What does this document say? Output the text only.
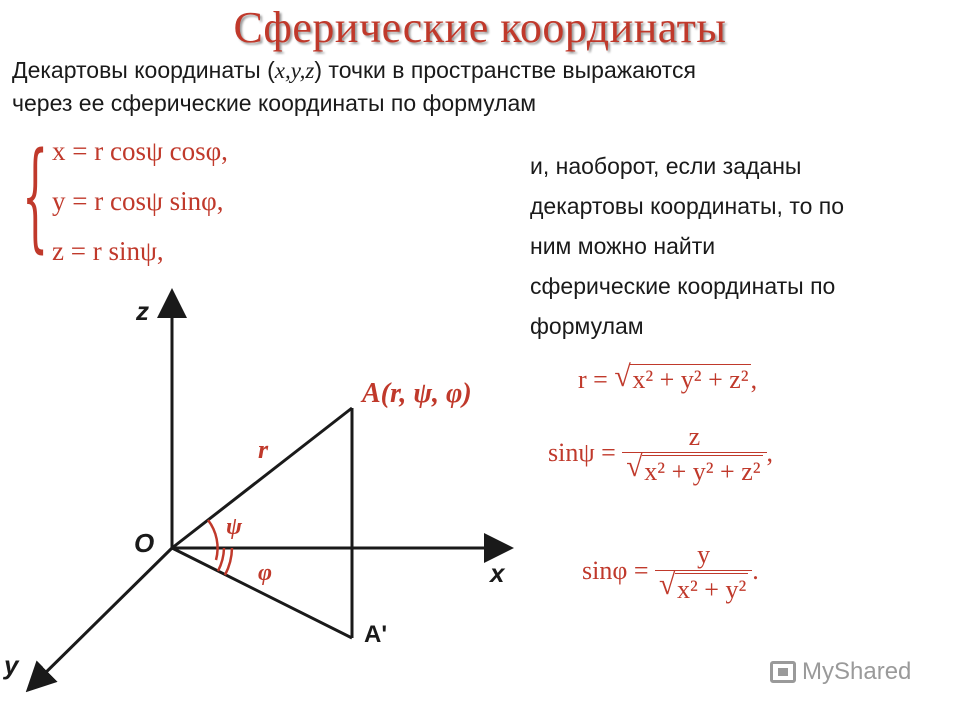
Сферические координаты
Декартовы координаты (x,y,z) точки в пространстве выражаются
через ее сферические координаты по формулам
{ x = r cosψ cosφ,
y = r cosψ sinφ,
z = r sinψ,
и, наоборот, если заданы
декартовы координаты, то по
ним можно найти
сферические координаты по
формулам
r = √ x² + y² + z²,
$\sin\psi = \frac{z}{\text{√ x² + y² + z²}}$ ,
$\sin\varphi = \frac{y}{\text{√ x² + y²}}$ .
z
x
y
O
A(r, ψ, φ)
A'
r
ψ
φ
MyShared
